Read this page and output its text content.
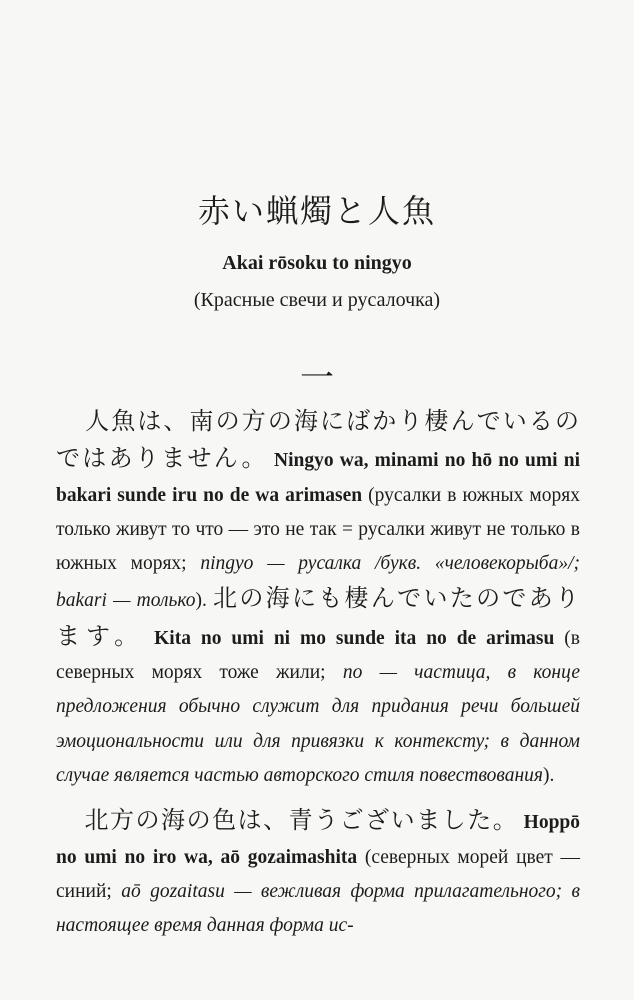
赤い蝋燭と人魚
Akai rōsoku to ningyo
(Красные свечи и русалочка)
一

人魚は、南の方の海にばかり棲んでいるのではありません。 Ningyo wa, minami no hō no umi ni bakari sunde iru no de wa arimasen (русалки в южных морях только живут то что — это не так = русалки живут не только в южных морях; ningyo — русалка /букв. «человекорыба»/; bakari — только). 北の海にも棲んでいたのであります。 Kita no umi ni mo sunde ita no de arimasu (в северных морях тоже жили; no — частица, в конце предложения обычно служит для придания речи большей эмоциональности или для привязки к контексту; в данном случае является частью авторского стиля повествования).

北方の海の色は、青うございました。 Hoppō no umi no iro wa, aō gozaimashita (северных морей цвет — синий; aō gozaitasu — вежливая форма прилагательного; в настоящее время данная форма ис-
